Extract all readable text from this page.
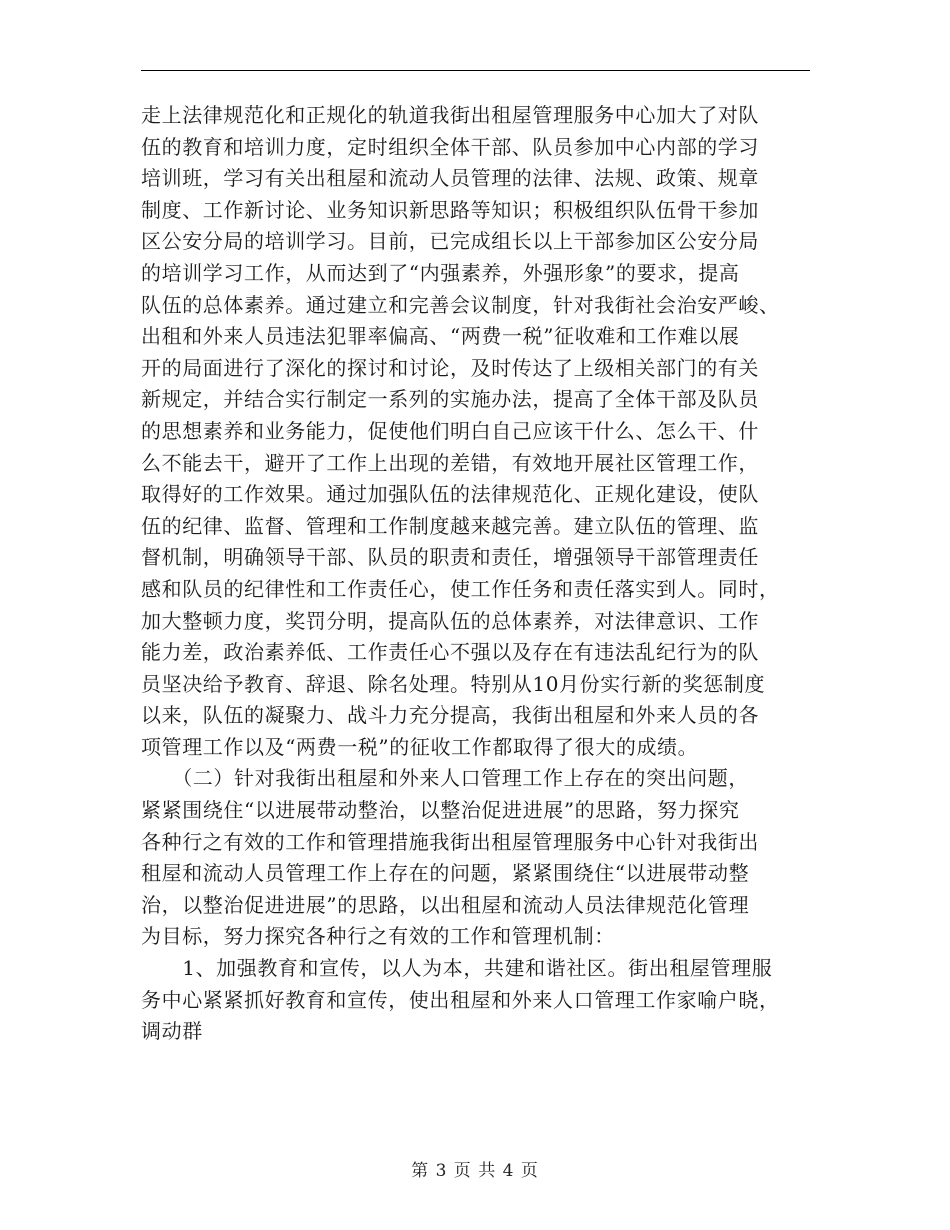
走上法律规范化和正规化的轨道我街出租屋管理服务中心加大了对队
伍的教育和培训力度，定时组织全体干部、队员参加中心内部的学习
培训班，学习有关出租屋和流动人员管理的法律、法规、政策、规章
制度、工作新讨论、业务知识新思路等知识；积极组织队伍骨干参加
区公安分局的培训学习。目前，已完成组长以上干部参加区公安分局
的培训学习工作，从而达到了“内强素养，外强形象”的要求，提高
队伍的总体素养。通过建立和完善会议制度，针对我街社会治安严峻、
出租和外来人员违法犯罪率偏高、“两费一税”征收难和工作难以展
开的局面进行了深化的探讨和讨论，及时传达了上级相关部门的有关
新规定，并结合实行制定一系列的实施办法，提高了全体干部及队员
的思想素养和业务能力，促使他们明白自己应该干什么、怎么干、什
么不能去干，避开了工作上出现的差错，有效地开展社区管理工作，
取得好的工作效果。通过加强队伍的法律规范化、正规化建设，使队
伍的纪律、监督、管理和工作制度越来越完善。建立队伍的管理、监
督机制，明确领导干部、队员的职责和责任，增强领导干部管理责任
感和队员的纪律性和工作责任心，使工作任务和责任落实到人。同时，
加大整顿力度，奖罚分明，提高队伍的总体素养，对法律意识、工作
能力差，政治素养低、工作责任心不强以及存在有违法乱纪行为的队
员坚决给予教育、辞退、除名处理。特别从10月份实行新的奖惩制度
以来，队伍的凝聚力、战斗力充分提高，我街出租屋和外来人员的各
项管理工作以及“两费一税”的征收工作都取得了很大的成绩。
　　（二）针对我街出租屋和外来人口管理工作上存在的突出问题，
紧紧围绕住“以进展带动整治，以整治促进进展”的思路，努力探究
各种行之有效的工作和管理措施我街出租屋管理服务中心针对我街出
租屋和流动人员管理工作上存在的问题，紧紧围绕住“以进展带动整
治，以整治促进进展”的思路，以出租屋和流动人员法律规范化管理
为目标，努力探究各种行之有效的工作和管理机制：
　　1、加强教育和宣传，以人为本，共建和谐社区。街出租屋管理服
务中心紧紧抓好教育和宣传，使出租屋和外来人口管理工作家喻户晓，
调动群
第 3 页 共 4 页
